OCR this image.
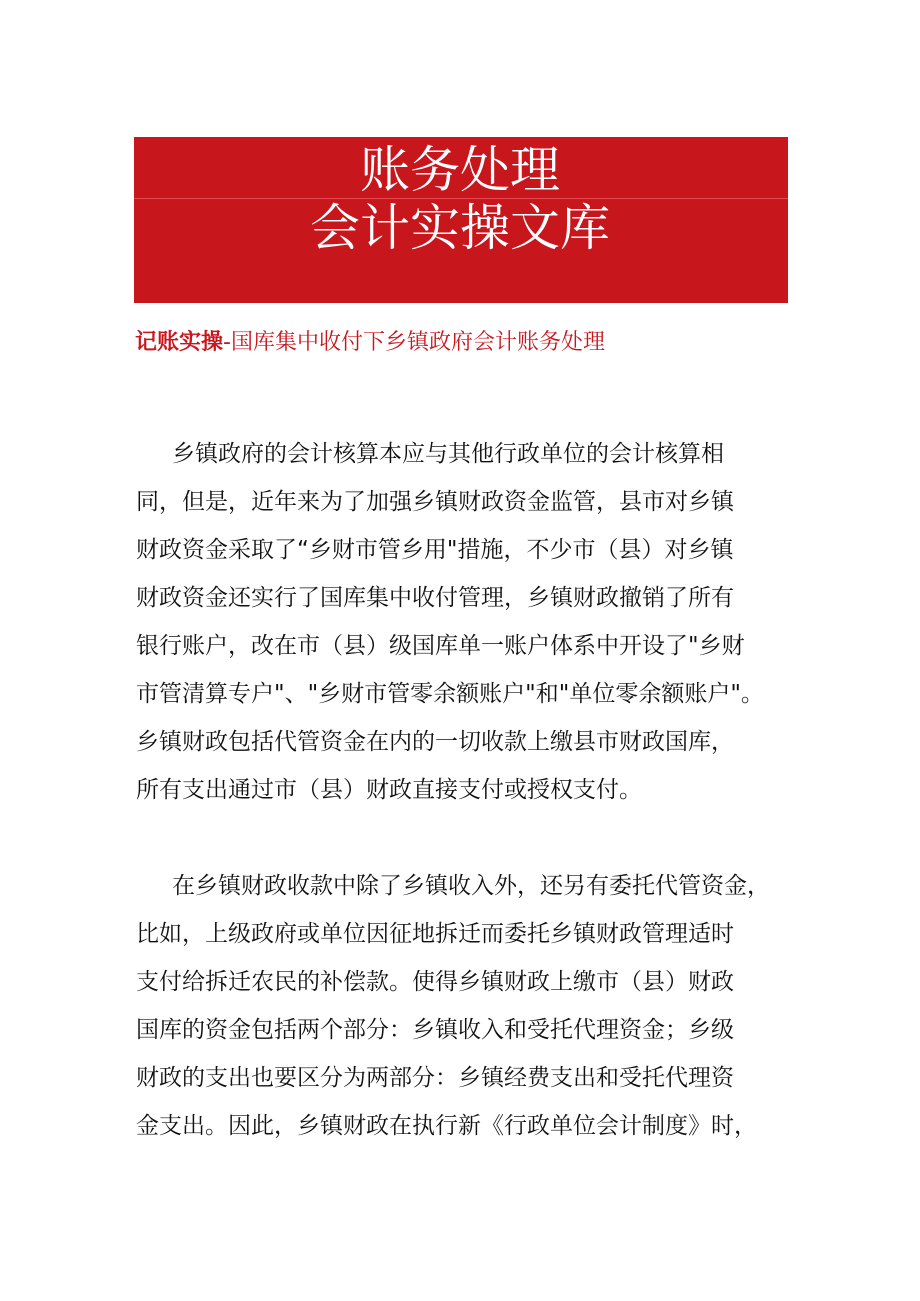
账务处理
会计实操文库
记账实操-国库集中收付下乡镇政府会计账务处理
乡镇政府的会计核算本应与其他行政单位的会计核算相
同，但是，近年来为了加强乡镇财政资金监管，县市对乡镇
财政资金采取了“乡财市管乡用"措施，不少市（县）对乡镇
财政资金还实行了国库集中收付管理，乡镇财政撤销了所有
银行账户，改在市（县）级国库单一账户体系中开设了"乡财
市管清算专户"、"乡财市管零余额账户"和"单位零余额账户"。
乡镇财政包括代管资金在内的一切收款上缴县市财政国库，
所有支出通过市（县）财政直接支付或授权支付。
在乡镇财政收款中除了乡镇收入外，还另有委托代管资金，
比如，上级政府或单位因征地拆迁而委托乡镇财政管理适时
支付给拆迁农民的补偿款。使得乡镇财政上缴市（县）财政
国库的资金包括两个部分：乡镇收入和受托代理资金；乡级
财政的支出也要区分为两部分：乡镇经费支出和受托代理资
金支出。因此，乡镇财政在执行新《行政单位会计制度》时，
